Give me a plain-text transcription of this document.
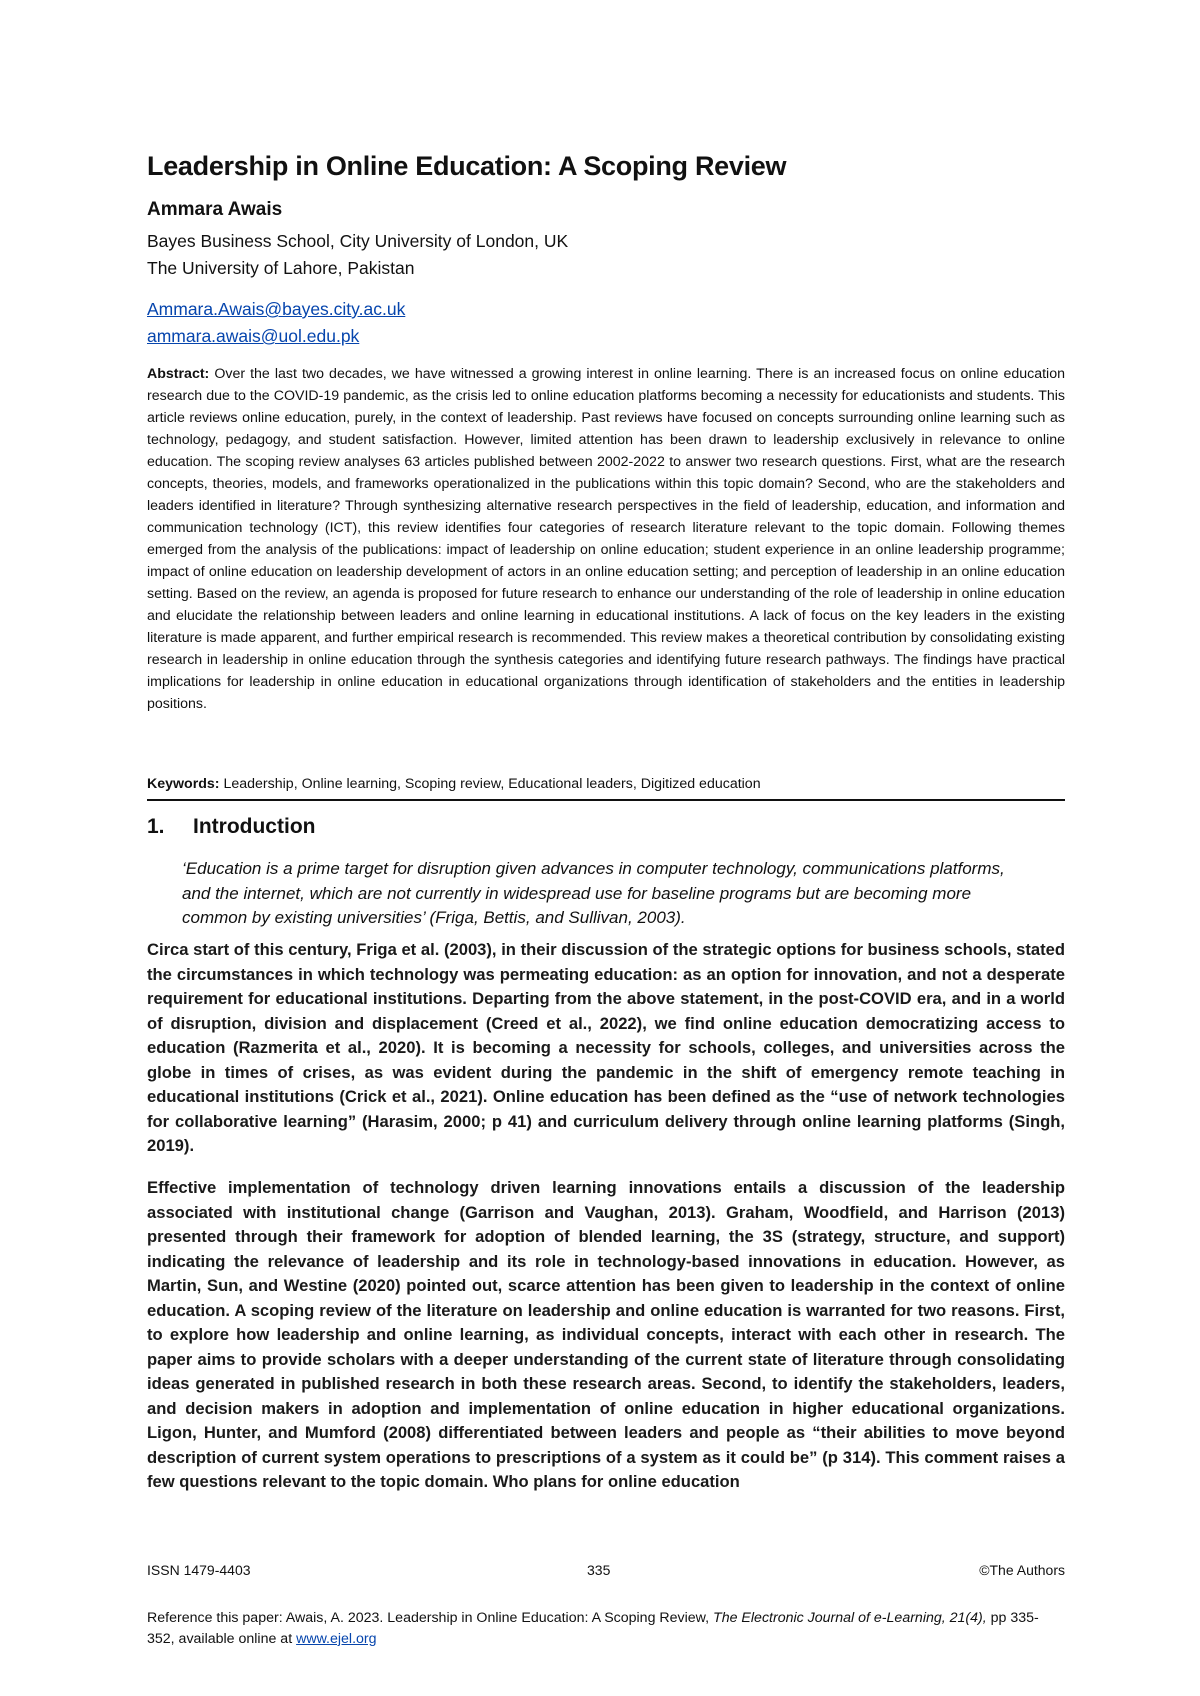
Leadership in Online Education: A Scoping Review

Ammara Awais

Bayes Business School, City University of London, UK

The University of Lahore, Pakistan

Ammara.Awais@bayes.city.ac.uk
ammara.awais@uol.edu.pk

Abstract: Over the last two decades, we have witnessed a growing interest in online learning. There is an increased focus on online education research due to the COVID-19 pandemic, as the crisis led to online education platforms becoming a necessity for educationists and students. This article reviews online education, purely, in the context of leadership. Past reviews have focused on concepts surrounding online learning such as technology, pedagogy, and student satisfaction. However, limited attention has been drawn to leadership exclusively in relevance to online education. The scoping review analyses 63 articles published between 2002-2022 to answer two research questions. First, what are the research concepts, theories, models, and frameworks operationalized in the publications within this topic domain? Second, who are the stakeholders and leaders identified in literature? Through synthesizing alternative research perspectives in the field of leadership, education, and information and communication technology (ICT), this review identifies four categories of research literature relevant to the topic domain. Following themes emerged from the analysis of the publications: impact of leadership on online education; student experience in an online leadership programme; impact of online education on leadership development of actors in an online education setting; and perception of leadership in an online education setting. Based on the review, an agenda is proposed for future research to enhance our understanding of the role of leadership in online education and elucidate the relationship between leaders and online learning in educational institutions. A lack of focus on the key leaders in the existing literature is made apparent, and further empirical research is recommended. This review makes a theoretical contribution by consolidating existing research in leadership in online education through the synthesis categories and identifying future research pathways. The findings have practical implications for leadership in online education in educational organizations through identification of stakeholders and the entities in leadership positions.

Keywords: Leadership, Online learning, Scoping review, Educational leaders, Digitized education

1. Introduction

‘Education is a prime target for disruption given advances in computer technology, communications platforms, and the internet, which are not currently in widespread use for baseline programs but are becoming more common by existing universities’ (Friga, Bettis, and Sullivan, 2003).

Circa start of this century, Friga et al. (2003), in their discussion of the strategic options for business schools, stated the circumstances in which technology was permeating education: as an option for innovation, and not a desperate requirement for educational institutions. Departing from the above statement, in the post-COVID era, and in a world of disruption, division and displacement (Creed et al., 2022), we find online education democratizing access to education (Razmerita et al., 2020). It is becoming a necessity for schools, colleges, and universities across the globe in times of crises, as was evident during the pandemic in the shift of emergency remote teaching in educational institutions (Crick et al., 2021). Online education has been defined as the “use of network technologies for collaborative learning” (Harasim, 2000; p 41) and curriculum delivery through online learning platforms (Singh, 2019).

Effective implementation of technology driven learning innovations entails a discussion of the leadership associated with institutional change (Garrison and Vaughan, 2013). Graham, Woodfield, and Harrison (2013) presented through their framework for adoption of blended learning, the 3S (strategy, structure, and support) indicating the relevance of leadership and its role in technology-based innovations in education. However, as Martin, Sun, and Westine (2020) pointed out, scarce attention has been given to leadership in the context of online education. A scoping review of the literature on leadership and online education is warranted for two reasons. First, to explore how leadership and online learning, as individual concepts, interact with each other in research. The paper aims to provide scholars with a deeper understanding of the current state of literature through consolidating ideas generated in published research in both these research areas. Second, to identify the stakeholders, leaders, and decision makers in adoption and implementation of online education in higher educational organizations. Ligon, Hunter, and Mumford (2008) differentiated between leaders and people as “their abilities to move beyond description of current system operations to prescriptions of a system as it could be” (p 314). This comment raises a few questions relevant to the topic domain. Who plans for online education

ISSN 1479-4403	335	©The Authors

Reference this paper: Awais, A. 2023. Leadership in Online Education: A Scoping Review, The Electronic Journal of e-Learning, 21(4), pp 335-352, available online at www.ejel.org
